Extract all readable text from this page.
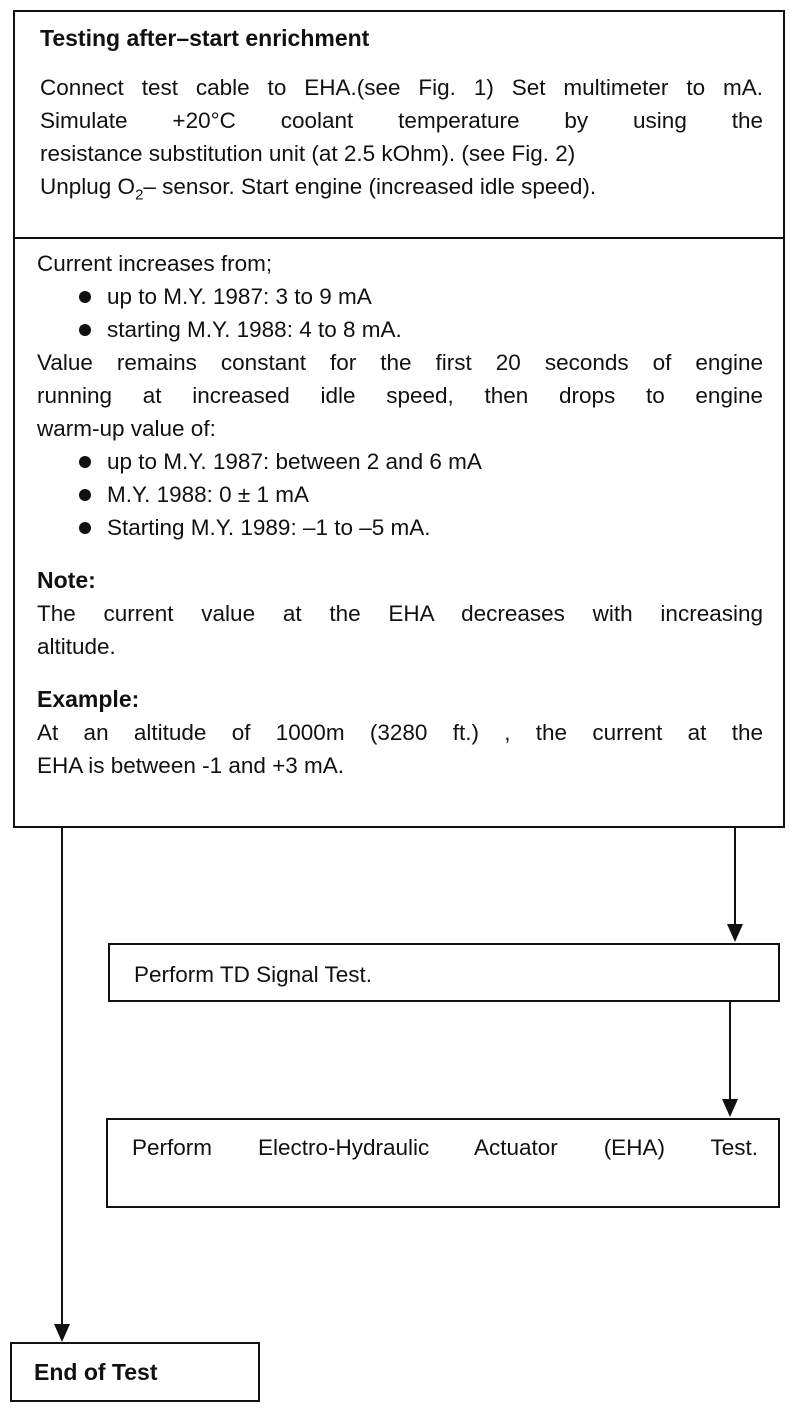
Testing after–start enrichment

Connect test cable to EHA.(see Fig. 1) Set multimeter to mA.

Simulate +20°C coolant temperature by using the

resistance substitution unit (at 2.5 kOhm). (see Fig. 2)

Unplug $O_2-$ sensor. Start engine (increased idle speed).

Current increases from;

up to M.Y. 1987: 3 to 9 mA
starting M.Y. 1988: 4 to 8 mA.

Value remains constant for the first 20 seconds of engine

running at increased idle speed, then drops to engine

warm-up value of:

up to M.Y. 1987: between 2 and 6 mA
M.Y. 1988: 0 ± 1 mA
Starting M.Y. 1989: –1 to –5 mA.

Note:

The current value at the EHA decreases with increasing

altitude.

Example:

At an altitude of 1000m (3280 ft.) , the current at the

EHA is between -1 and +3 mA.

Perform TD Signal Test.

Perform Electro-Hydraulic Actuator (EHA) Test.

End of Test
